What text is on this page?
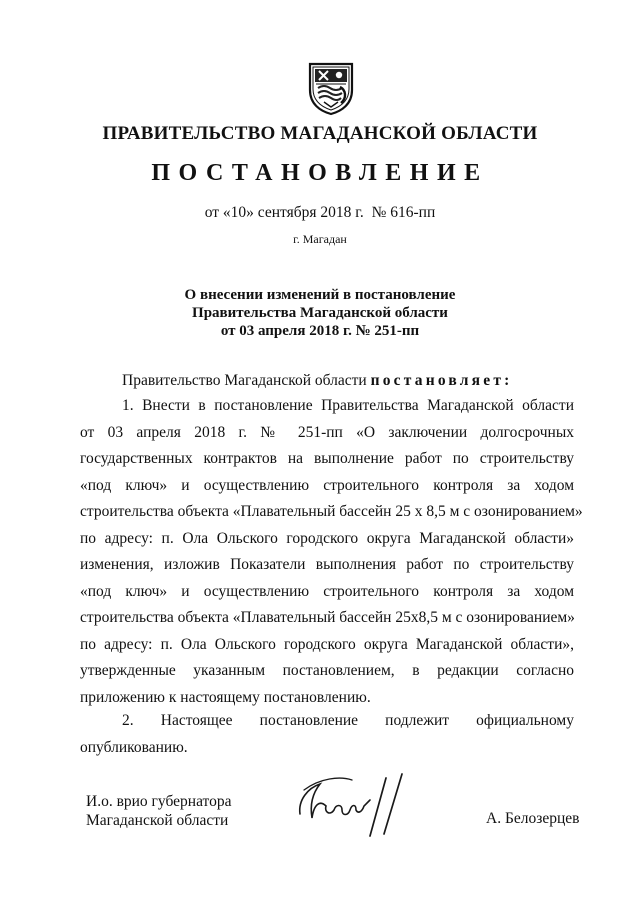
ПРАВИТЕЛЬСТВО МАГАДАНСКОЙ ОБЛАСТИ
ПОСТАНОВЛЕНИЕ
от «10» сентября 2018 г. № 616-пп
г. Магадан
О внесении изменений в постановление
Правительства Магаданской области
от 03 апреля 2018 г. № 251-пп
Правительство Магаданской области постановляет:
1. Внести в постановление Правительства Магаданской области
от 03 апреля 2018 г. № 251-пп «О заключении долгосрочных
государственных контрактов на выполнение работ по строительству
«под ключ» и осуществлению строительного контроля за ходом
строительства объекта «Плавательный бассейн 25 х 8,5 м с озонированием»
по адресу: п. Ола Ольского городского округа Магаданской области»
изменения, изложив Показатели выполнения работ по строительству
«под ключ» и осуществлению строительного контроля за ходом
строительства объекта «Плавательный бассейн 25х8,5 м с озонированием»
по адресу: п. Ола Ольского городского округа Магаданской области»,
утвержденные указанным постановлением, в редакции согласно
приложению к настоящему постановлению.
2. Настоящее постановление подлежит официальному
опубликованию.
И.о. врио губернатора
Магаданской области	А. Белозерцев
